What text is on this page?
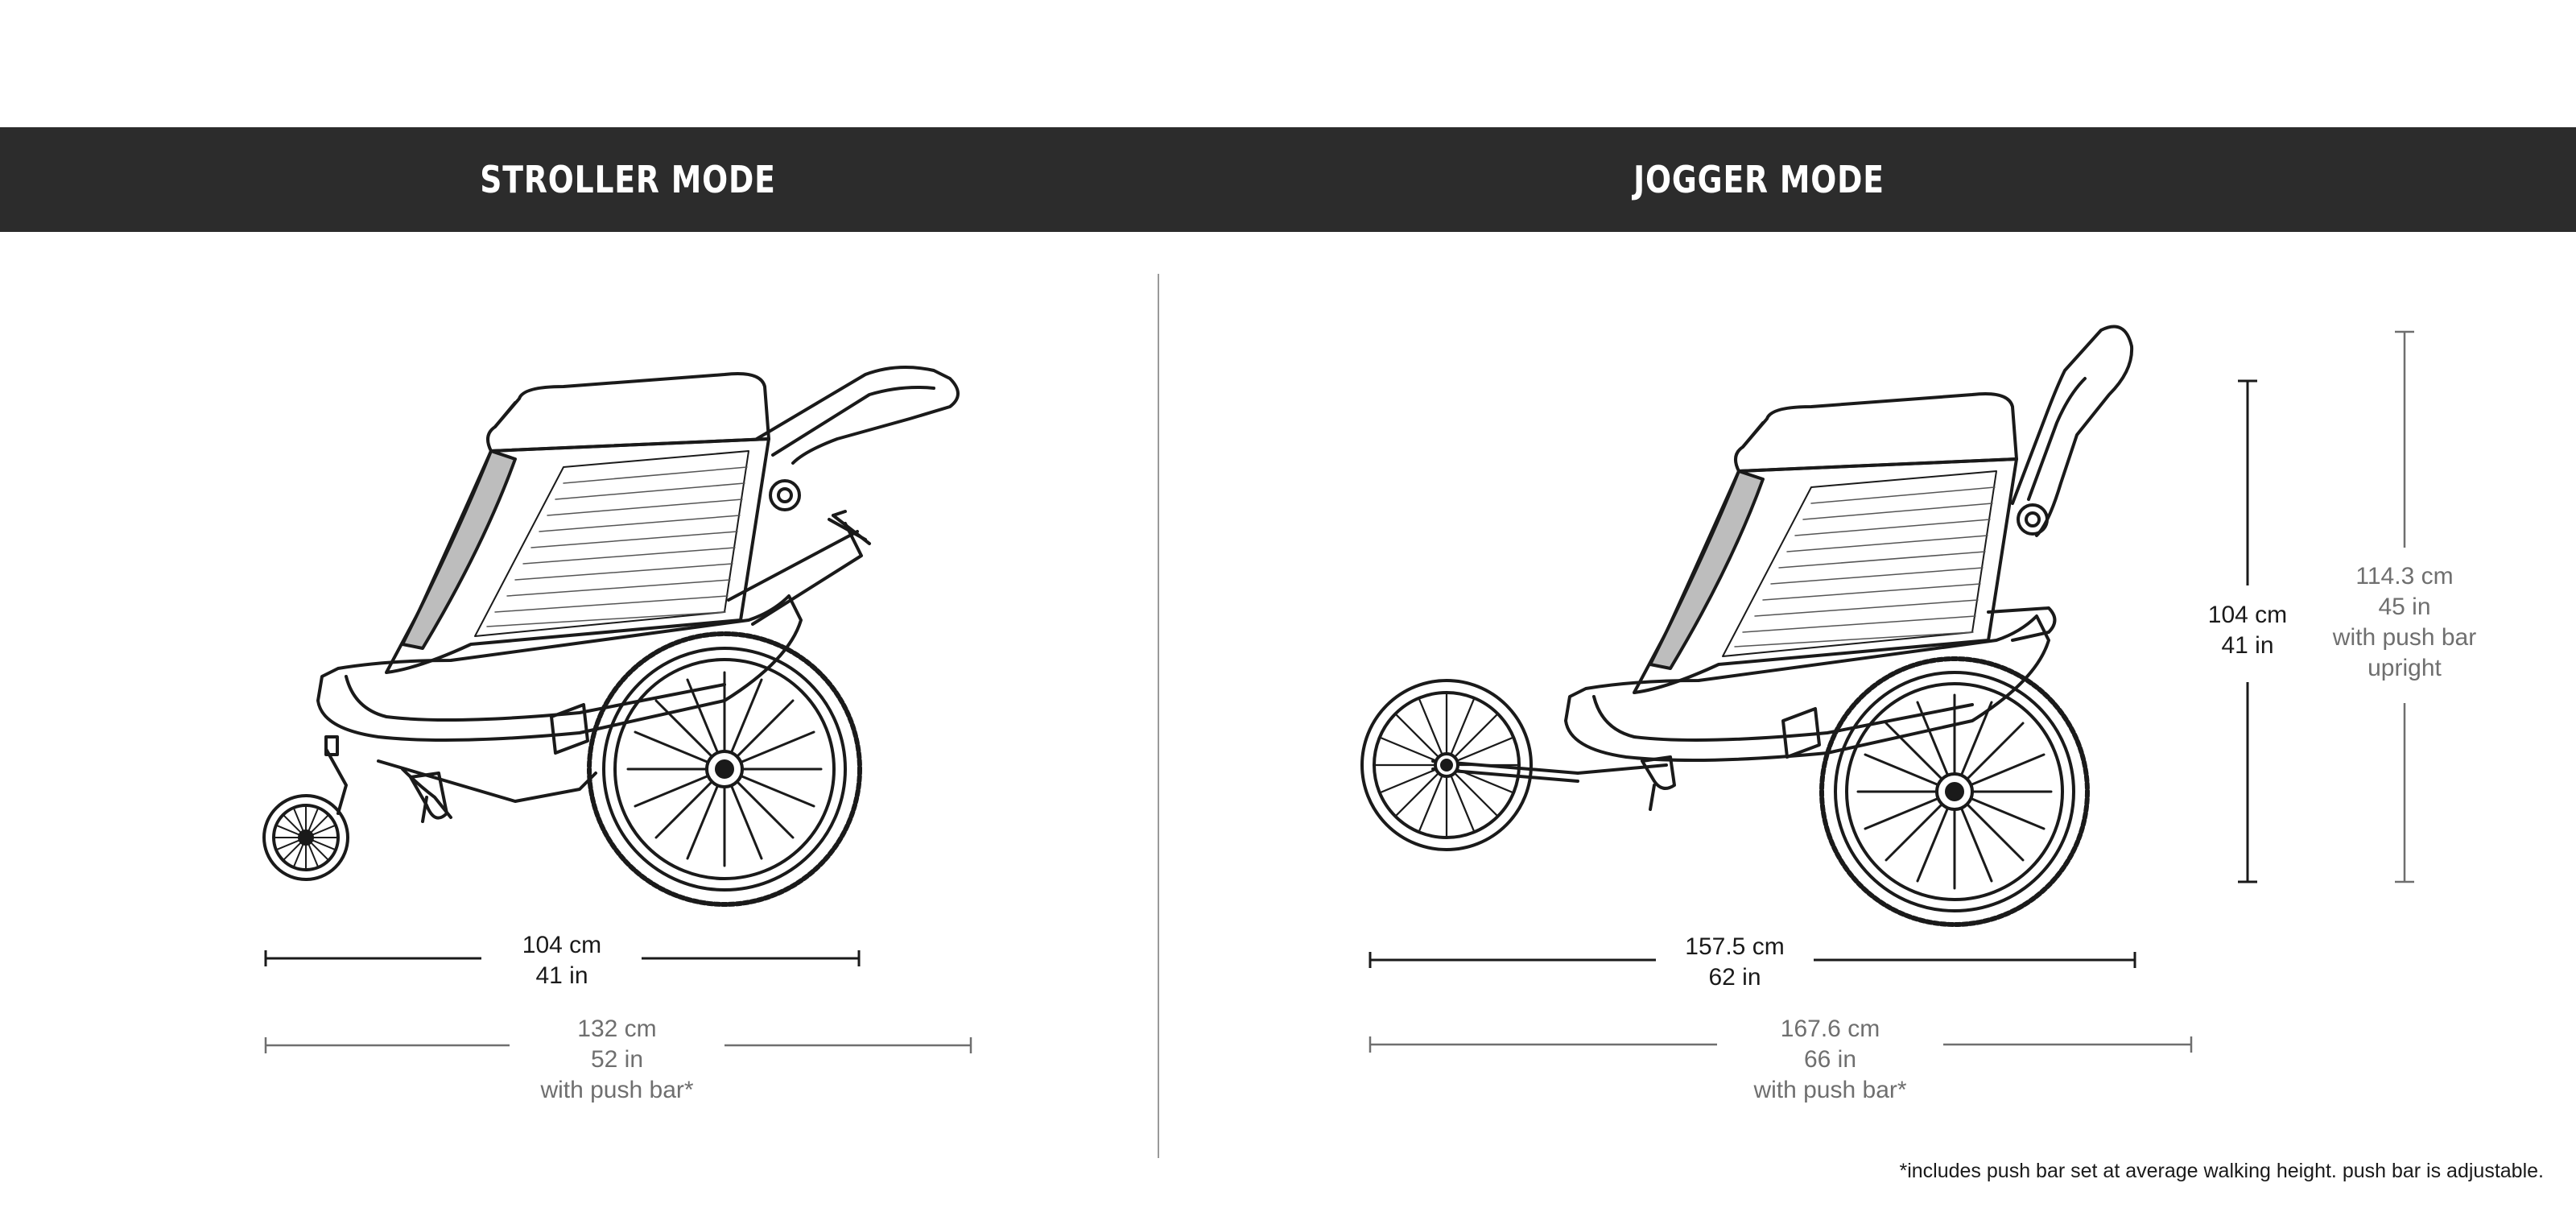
STROLLER MODE	JOGGER MODE
104 cm
41 in
132 cm
52 in
with push bar*
157.5 cm
62 in
167.6 cm
66 in
with push bar*
104 cm
41 in
114.3 cm
45 in
with push bar
upright
*includes push bar set at average walking height. push bar is adjustable.
